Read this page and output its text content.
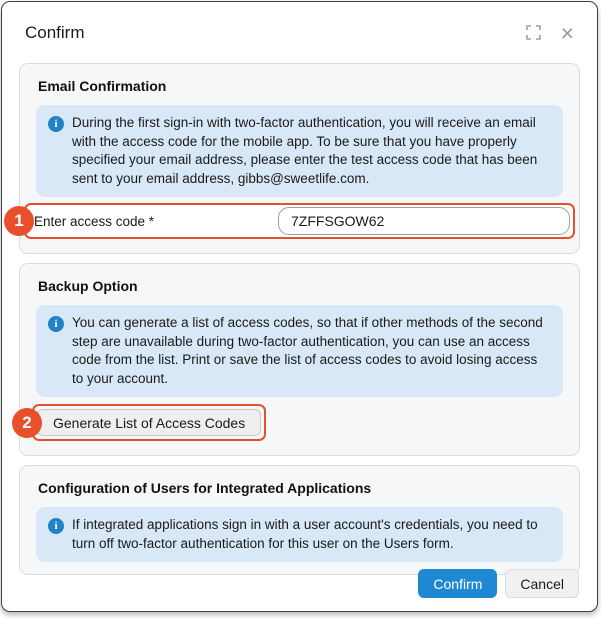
Confirm	×
Email Confirmation
i	During the first sign-in with two-factor authentication, you will receive an email with the access code for the mobile app. To be sure that you have properly specified your email address, please enter the test access code that has been sent to your email address, gibbs@sweetlife.com.
1 Enter access code *
7ZFFSGOW62
Backup Option
i	You can generate a list of access codes, so that if other methods of the second step are unavailable during two-factor authentication, you can use an access code from the list. Print or save the list of access codes to avoid losing access to your account.
2	Generate List of Access Codes
Configuration of Users for Integrated Applications
i	If integrated applications sign in with a user account's credentials, you need to turn off two-factor authentication for this user on the Users form.
Confirm	Cancel
